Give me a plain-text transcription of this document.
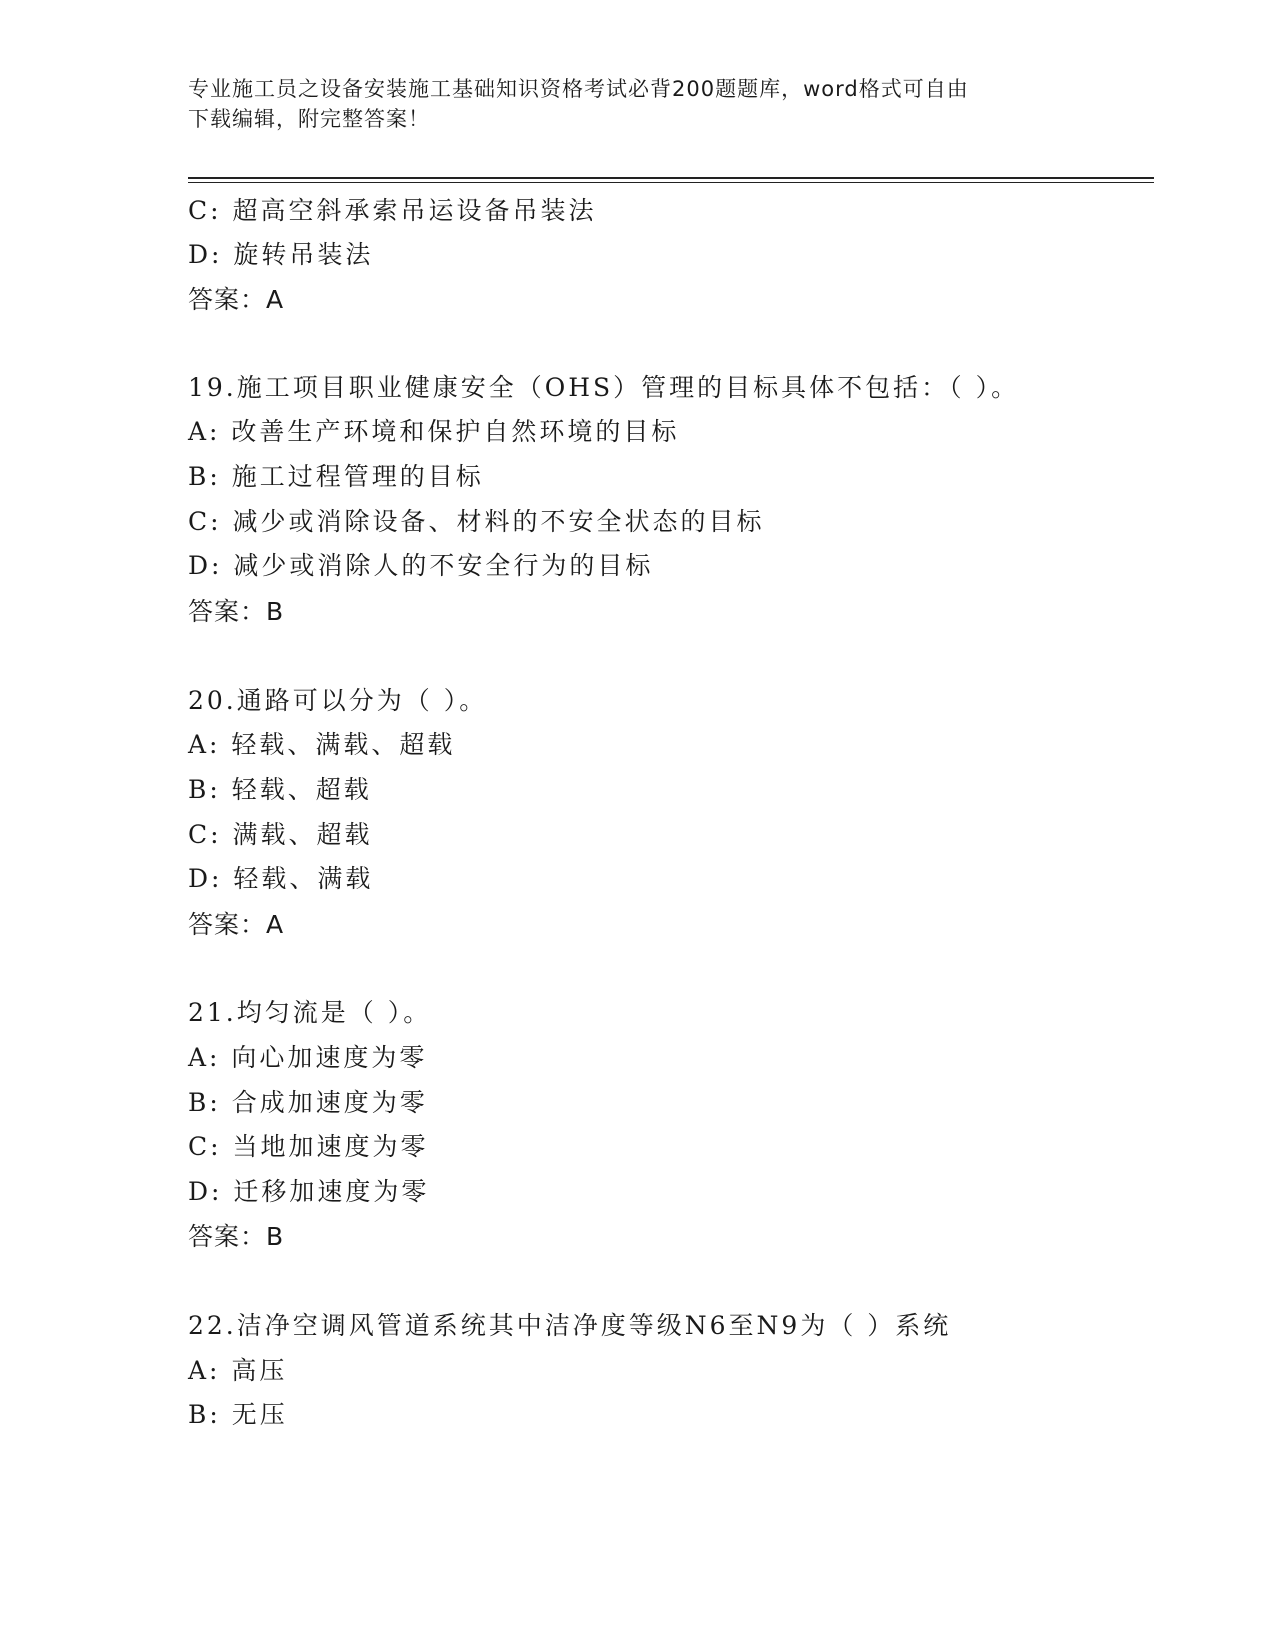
专业施工员之设备安装施工基础知识资格考试必背200题题库，word格式可自由
下载编辑，附完整答案！
C: 超高空斜承索吊运设备吊装法
D: 旋转吊装法
答案：A
19.施工项目职业健康安全（OHS）管理的目标具体不包括：（ ）。
A: 改善生产环境和保护自然环境的目标
B: 施工过程管理的目标
C: 减少或消除设备、材料的不安全状态的目标
D: 减少或消除人的不安全行为的目标
答案：B
20.通路可以分为（ ）。
A: 轻载、满载、超载
B: 轻载、超载
C: 满载、超载
D: 轻载、满载
答案：A
21.均匀流是（ ）。
A: 向心加速度为零
B: 合成加速度为零
C: 当地加速度为零
D: 迁移加速度为零
答案：B
22.洁净空调风管道系统其中洁净度等级N6至N9为（ ）系统
A: 高压
B: 无压
